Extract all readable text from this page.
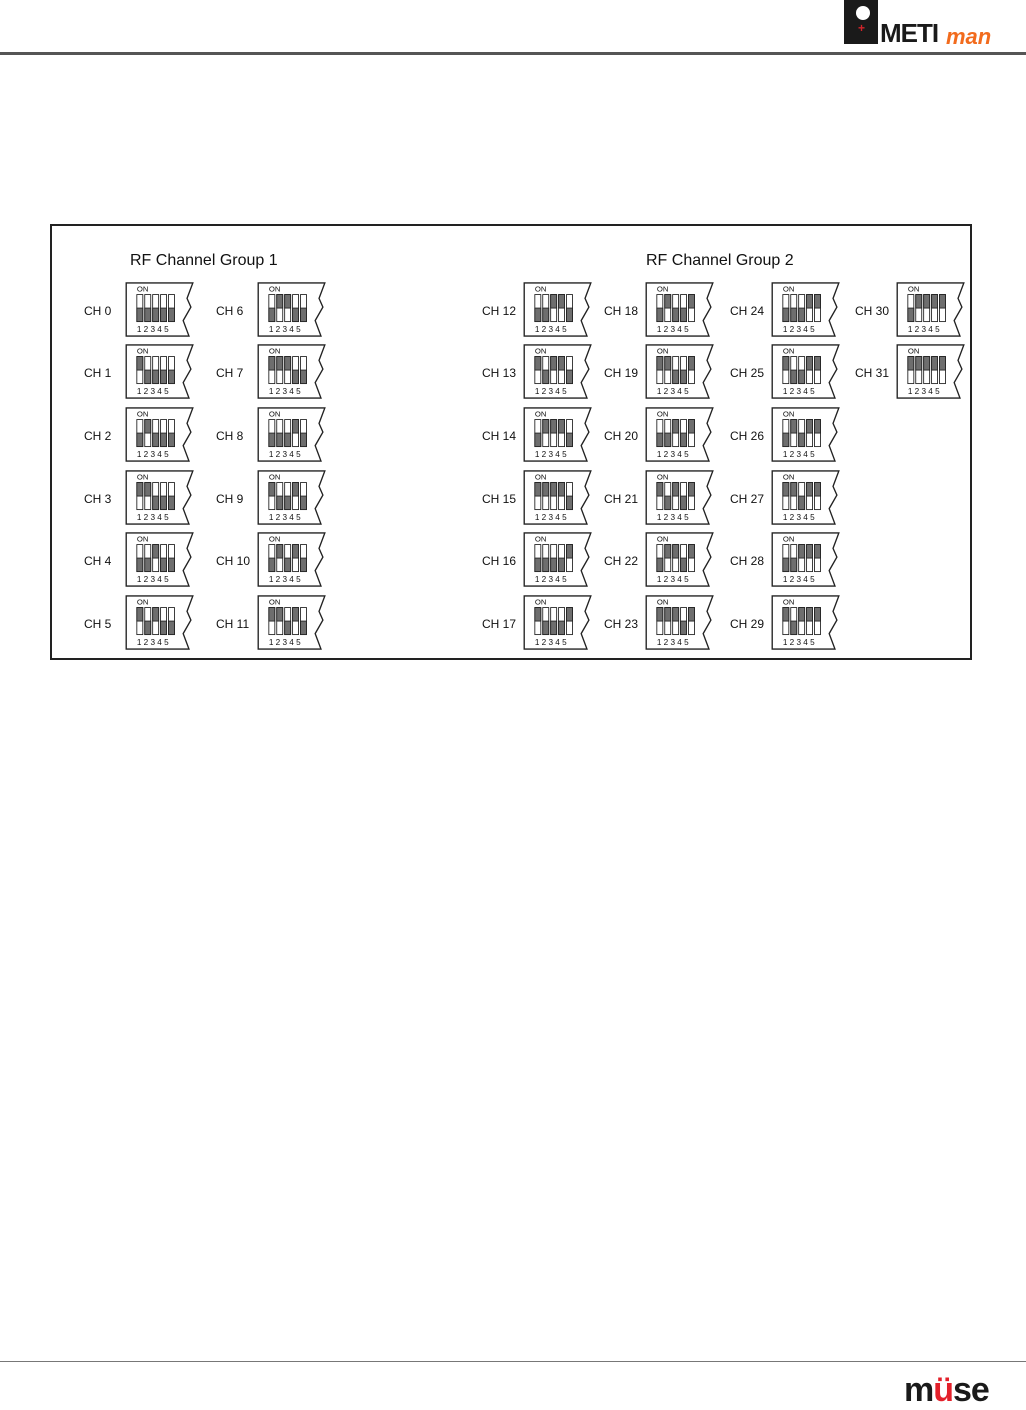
+ METI man
RF Channel Group 1	RF Channel Group 2
CH 0
ON
1 2 3 4 5
CH 1
ON
1 2 3 4 5
CH 2
ON
1 2 3 4 5
CH 3
ON
1 2 3 4 5
CH 4
ON
1 2 3 4 5
CH 5
ON
1 2 3 4 5
CH 6
ON
1 2 3 4 5
CH 7
ON
1 2 3 4 5
CH 8
ON
1 2 3 4 5
CH 9
ON
1 2 3 4 5
CH 10
ON
1 2 3 4 5
CH 11
ON
1 2 3 4 5
CH 12
ON
1 2 3 4 5
CH 13
ON
1 2 3 4 5
CH 14
ON
1 2 3 4 5
CH 15
ON
1 2 3 4 5
CH 16
ON
1 2 3 4 5
CH 17
ON
1 2 3 4 5
CH 18
ON
1 2 3 4 5
CH 19
ON
1 2 3 4 5
CH 20
ON
1 2 3 4 5
CH 21
ON
1 2 3 4 5
CH 22
ON
1 2 3 4 5
CH 23
ON
1 2 3 4 5
CH 24
ON
1 2 3 4 5
CH 25
ON
1 2 3 4 5
CH 26
ON
1 2 3 4 5
CH 27
ON
1 2 3 4 5
CH 28
ON
1 2 3 4 5
CH 29
ON
1 2 3 4 5
CH 30
ON
1 2 3 4 5
CH 31
ON
1 2 3 4 5
müse
